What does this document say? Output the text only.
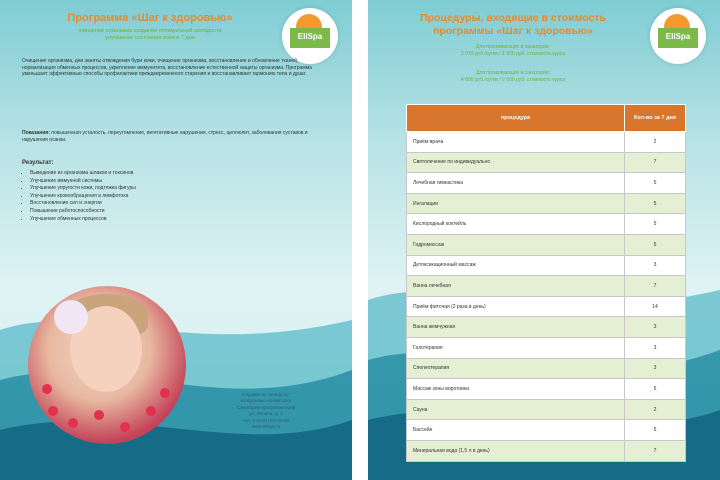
EliSpa
Программа «Шаг к здоровью»
очищение организма создание оптимальной молодости
улучшение состояния кожи и 7 дня
Очищение организма, дни заняты отвождения бури кожи, очищение организма, восстановление и обновление тканей, нормализация обменных процессов, укрепление иммунитета, восстановление естественной защиты организма. Программа уменьшает эффективные способы профилактики преждевременного старения и восстанавливает гармонию тела и души.
Показания: повышенная усталость, переутомление, вегетативные нарушения, стресс, целлюлит, заболевания суставов и нарушения осанки.
Результат:
• Выведение из организма шлаков и токсинов
• Улучшение иммунной системы
• Улучшение упругости кожи, подтяжка фигуры
• Улучшение кровообращения и лимфотока
• Восстановление сил и энергии
• Повышение работоспособности
• Улучшение обменных процессов
Справки по телефону:
консультант-косметолог
Санаторий-профилакторий
ул. Ленина, д. 1
тел. 8 (000) 000-00-00
www.elispa.ru
EliSpa
Процедуры, входящие в стоимость
программы «Шаг к здоровью»
Для проживающих в санатории:
3 970 руб./сутки / 1 560 руб. стоимость курса
Для проживающих в санатории:
4 800 руб./сутки / 2 000 руб. стоимость курса
процедура	Кол-во за 7 дня
Приём врача	2
Светолечение по индивидуально	7
Лечебная гимнастика	5
Ингалации	5
Кислородный коктейль	5
Гидромассаж	5
Детоксикационный массаж	3
Ванна лечебная	7
Приём фиточая (2 раза в день)	14
Ванна жемчужная	3
Галотерапия	3
Спелеотерапия	3
Массаж зоны воротника	5
Сауна	2
Бассейн	5
Минеральная вода (1,5 л в день)	7
